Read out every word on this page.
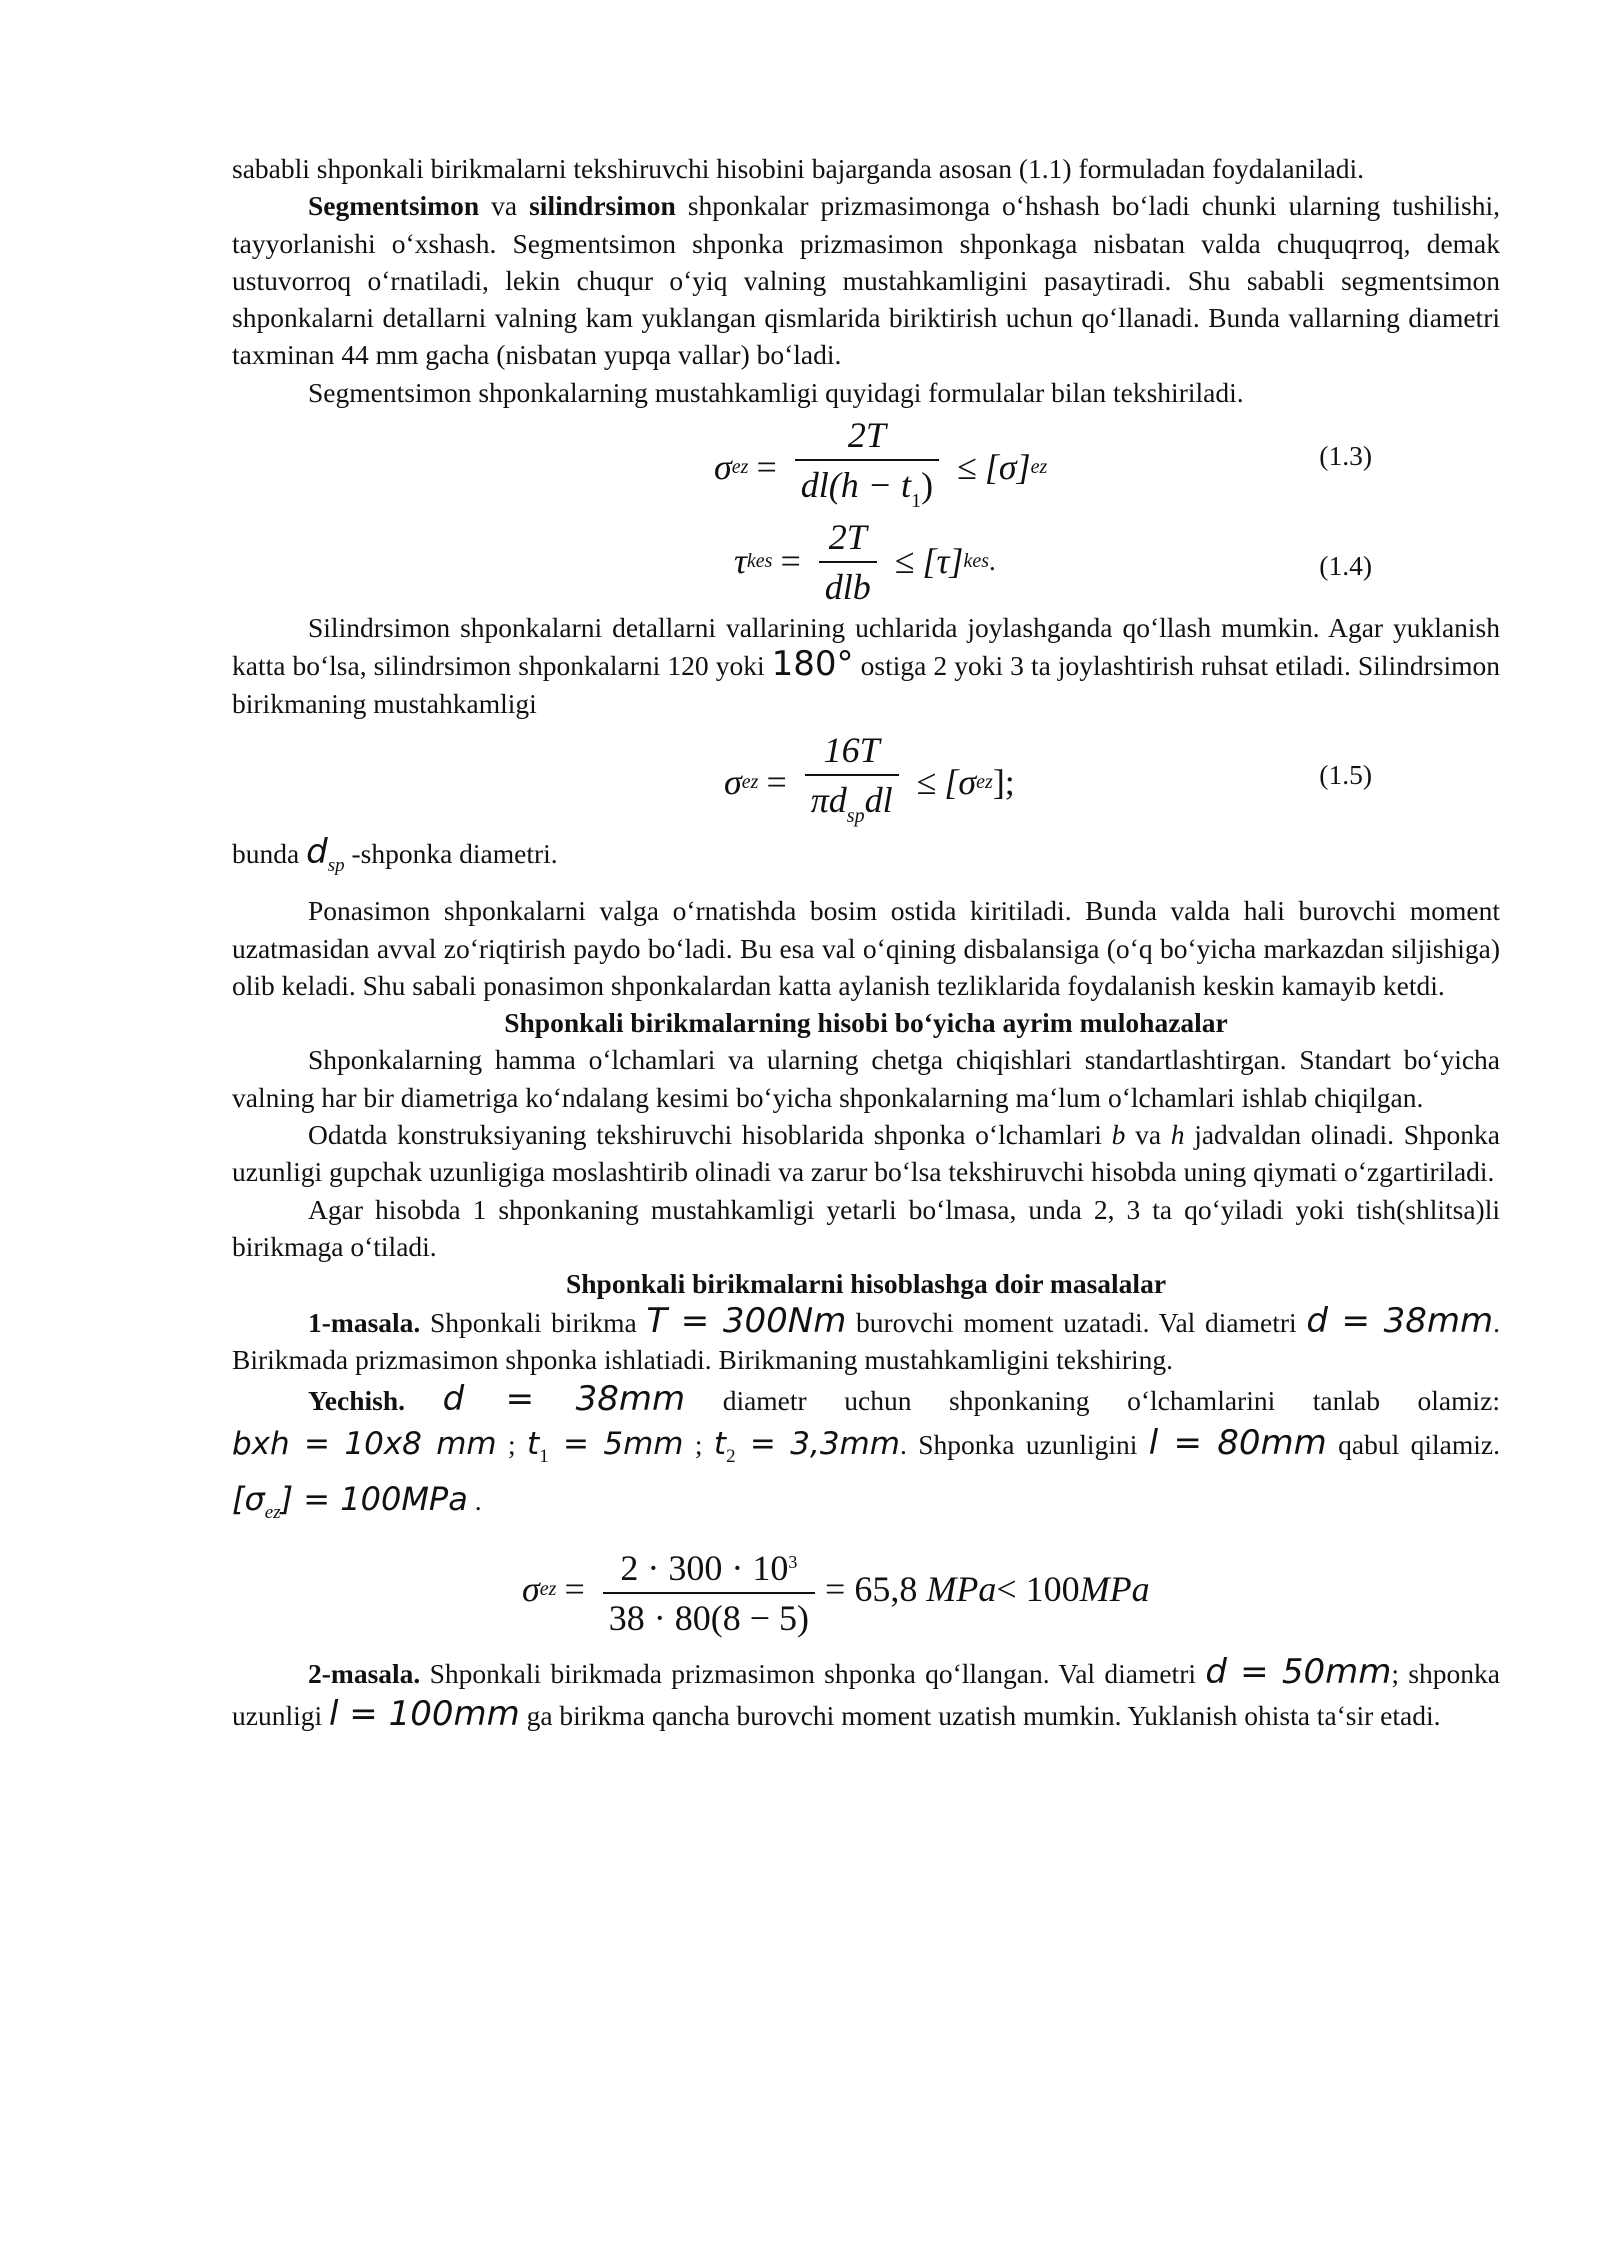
sababli shponkali birikmalarni tekshiruvchi hisobini bajarganda asosan (1.1) formuladan foydalaniladi.

Segmentsimon va silindrsimon shponkalar prizmasimonga o‘hshash bo‘ladi chunki ularning tushilishi, tayyorlanishi o‘xshash. Segmentsimon shponka prizmasimon shponkaga nisbatan valda chuquqrroq, demak ustuvorroq o‘rnatiladi, lekin chuqur o‘yiq valning mustahkamligini pasaytiradi. Shu sababli segmentsimon shponkalarni detallarni valning kam yuklangan qismlarida biriktirish uchun qo‘llanadi. Bunda vallarning diametri taxminan 44 mm gacha (nisbatan yupqa vallar) bo‘ladi.

Segmentsimon shponkalarning mustahkamligi quyidagi formulalar bilan tekshiriladi.

σ ez = $\frac{2T}{dl(h - t_1)} \le [\sigma]$ ez	(1.3)
τ kes = $\frac{2T}{\text{dlb}} \le [\tau]$ kes .	(1.4)

Silindrsimon shponkalarni detallarni vallarining uchlarida joylashganda qo‘llash mumkin. Agar yuklanish katta bo‘lsa, silindrsimon shponkalarni 120 yoki 180° ostiga 2 yoki 3 ta joylashtirish ruhsat etiladi. Silindrsimon birikmaning mustahkamligi

σ ez = $\frac{16T}{\pi d_{sp}dl} \le [\sigma$ ez ];	(1.5)

bunda $d_{sp}$ -shponka diametri.

Ponasimon shponkalarni valga o‘rnatishda bosim ostida kiritiladi. Bunda valda hali burovchi moment uzatmasidan avval zo‘riqtirish paydo bo‘ladi. Bu esa val o‘qining disbalansiga (o‘q bo‘yicha markazdan siljishiga) olib keladi. Shu sabali ponasimon shponkalardan katta aylanish tezliklarida foydalanish keskin kamayib ketdi.

Shponkali birikmalarning hisobi bo‘yicha ayrim mulohazalar

Shponkalarning hamma o‘lchamlari va ularning chetga chiqishlari standartlashtirgan. Standart bo‘yicha valning har bir diametriga ko‘ndalang kesimi bo‘yicha shponkalarning ma‘lum o‘lchamlari ishlab chiqilgan.

Odatda konstruksiyaning tekshiruvchi hisoblarida shponka o‘lchamlari b va h jadvaldan olinadi. Shponka uzunligi gupchak uzunligiga moslashtirib olinadi va zarur bo‘lsa tekshiruvchi hisobda uning qiymati o‘zgartiriladi.

Agar hisobda 1 shponkaning mustahkamligi yetarli bo‘lmasa, unda 2, 3 ta qo‘yiladi yoki tish(shlitsa)li birikmaga o‘tiladi.

Shponkali birikmalarni hisoblashga doir masalalar

1-masala. Shponkali birikma T = 300Nm burovchi moment uzatadi. Val diametri d = 38mm. Birikmada prizmasimon shponka ishlatiadi. Birikmaning mustahkamligini tekshiring.

Yechish. d = 38mm diametr uchun shponkaning o‘lchamlarini tanlab olamiz: bxh = 10x8 mm ; $t_1 = 5mm$ ; $t_2 = 3,3mm$. Shponka uzunligini l = 80mm qabul qilamiz. $[\sigma_{ez}] = 100MPa$ .

σ ez = $\frac{2 \cdot 300 \cdot 10^3}{38 \cdot 80(8 - 5)} = 65,8$
MPa < 100 MPa

2-masala. Shponkali birikmada prizmasimon shponka qo‘llangan. Val diametri d = 50mm; shponka uzunligi l = 100mm ga birikma qancha burovchi moment uzatish mumkin. Yuklanish ohista ta‘sir etadi.
